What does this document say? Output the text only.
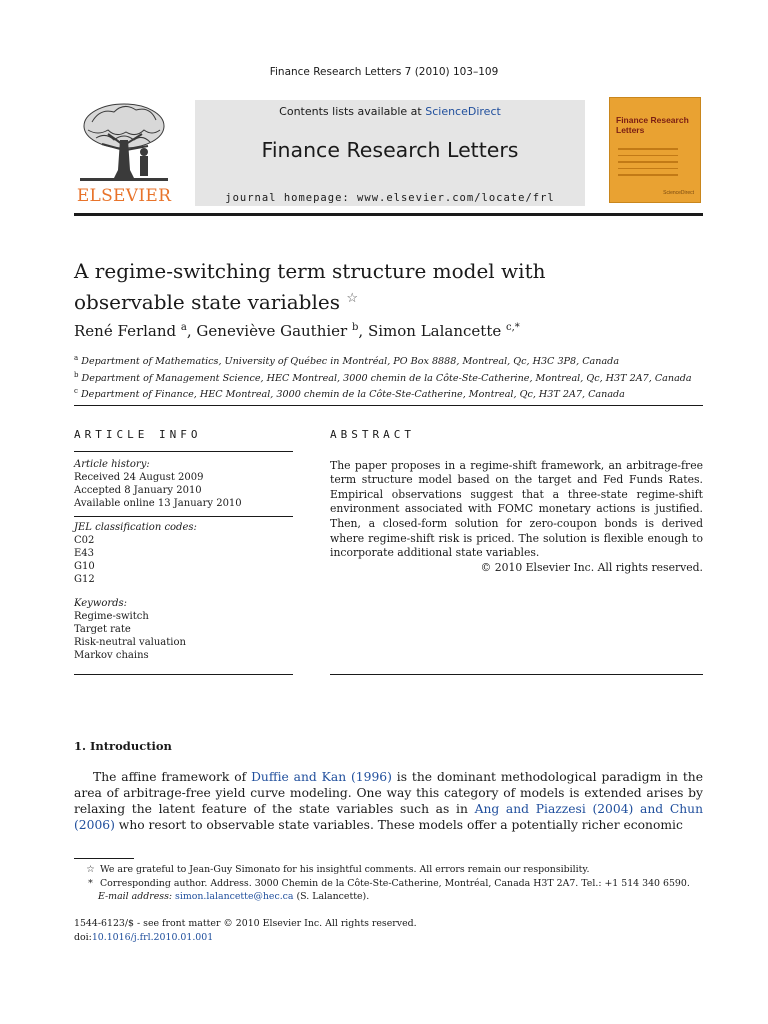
Finance Research Letters 7 (2010) 103–109
ELSEVIER
Contents lists available at ScienceDirect
Finance Research Letters
journal homepage: www.elsevier.com/locate/frl
Finance Research Letters
ScienceDirect
A regime-switching term structure model with
observable state variables ☆
René Ferland $^a$, Geneviève Gauthier $^b$, Simon Lalancette $^{c,*}$
$^a$ Department of Mathematics, University of Québec in Montréal, PO Box 8888, Montreal, Qc, H3C 3P8, Canada
$^b$ Department of Management Science, HEC Montreal, 3000 chemin de la Côte-Ste-Catherine, Montreal, Qc, H3T 2A7, Canada
$^c$ Department of Finance, HEC Montreal, 3000 chemin de la Côte-Ste-Catherine, Montreal, Qc, H3T 2A7, Canada
ARTICLE INFO
Article history:
Received 24 August 2009
Accepted 8 January 2010
Available online 13 January 2010
JEL classification codes:
C02
E43
G10
G12
Keywords:
Regime-switch
Target rate
Risk-neutral valuation
Markov chains
ABSTRACT
The paper proposes in a regime-shift framework, an arbitrage-free term structure model based on the target and Fed Funds Rates. Empirical observations suggest that a three-state regime-shift environment associated with FOMC monetary actions is justified. Then, a closed-form solution for zero-coupon bonds is derived where regime-shift risk is priced. The solution is flexible enough to incorporate additional state variables.
© 2010 Elsevier Inc. All rights reserved.
1. Introduction
The affine framework of Duffie and Kan (1996) is the dominant methodological paradigm in the area of arbitrage-free yield curve modeling. One way this category of models is extended arises by relaxing the latent feature of the state variables such as in Ang and Piazzesi (2004) and Chun (2006) who resort to observable state variables. These models offer a potentially richer economic
☆ We are grateful to Jean-Guy Simonato for his insightful comments. All errors remain our responsibility.
* Corresponding author. Address. 3000 Chemin de la Côte-Ste-Catherine, Montréal, Canada H3T 2A7. Tel.: +1 514 340 6590.
E-mail address: simon.lalancette@hec.ca (S. Lalancette).
1544-6123/$ - see front matter © 2010 Elsevier Inc. All rights reserved.
doi:10.1016/j.frl.2010.01.001
